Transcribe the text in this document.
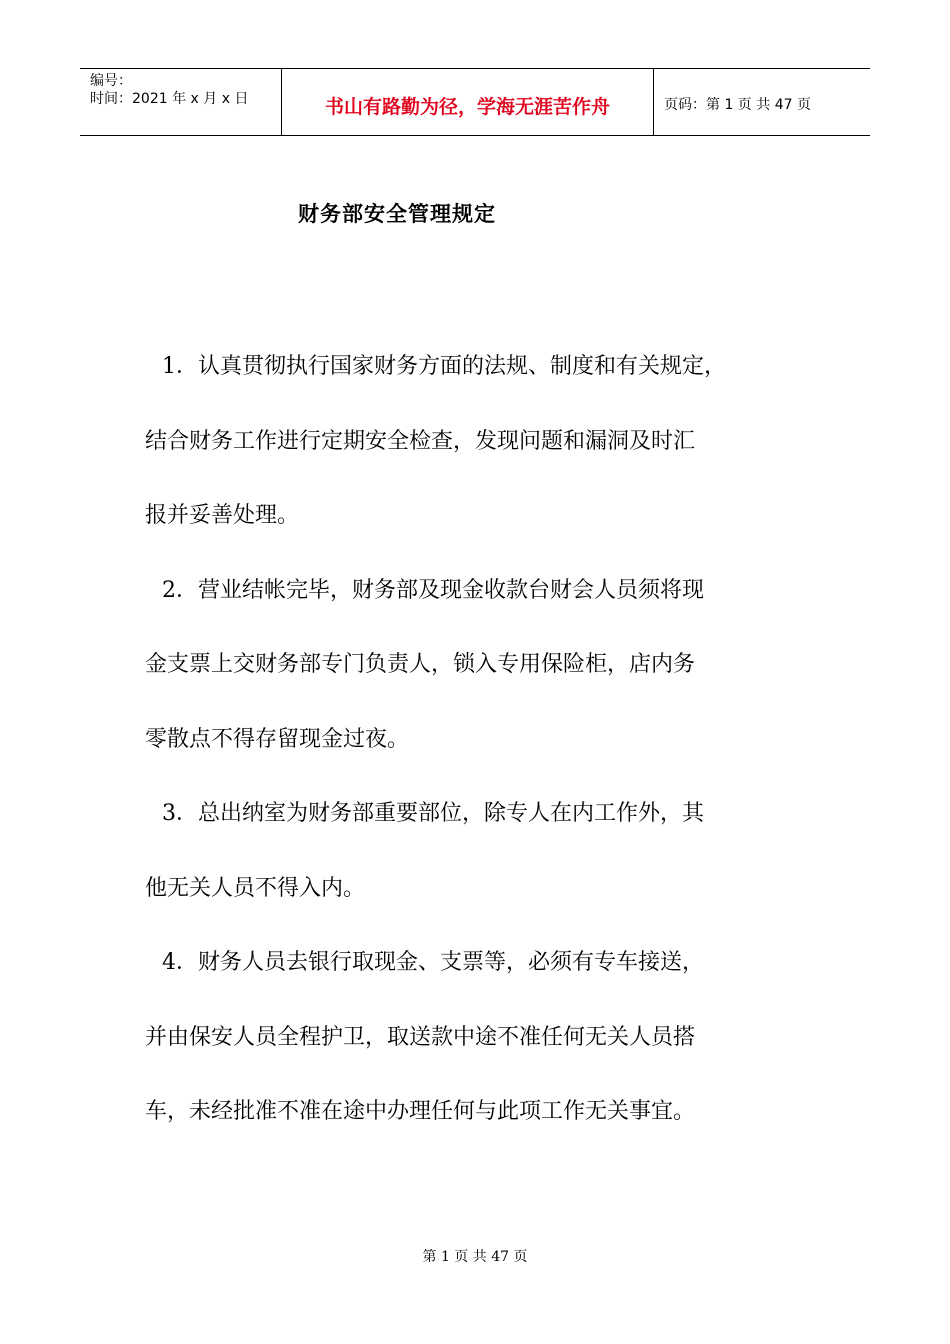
编号：
时间：2021 年 x 月 x 日	书山有路勤为径，学海无涯苦作舟	页码：第 1 页 共 47 页
财务部安全管理规定

1．认真贯彻执行国家财务方面的法规、制度和有关规定，

结合财务工作进行定期安全检查，发现问题和漏洞及时汇

报并妥善处理。

2．营业结帐完毕，财务部及现金收款台财会人员须将现

金支票上交财务部专门负责人，锁入专用保险柜，店内务

零散点不得存留现金过夜。

3．总出纳室为财务部重要部位，除专人在内工作外，其

他无关人员不得入内。

4．财务人员去银行取现金、支票等，必须有专车接送，

并由保安人员全程护卫，取送款中途不准任何无关人员搭

车，未经批准不准在途中办理任何与此项工作无关事宜。

第 1 页 共 47 页
